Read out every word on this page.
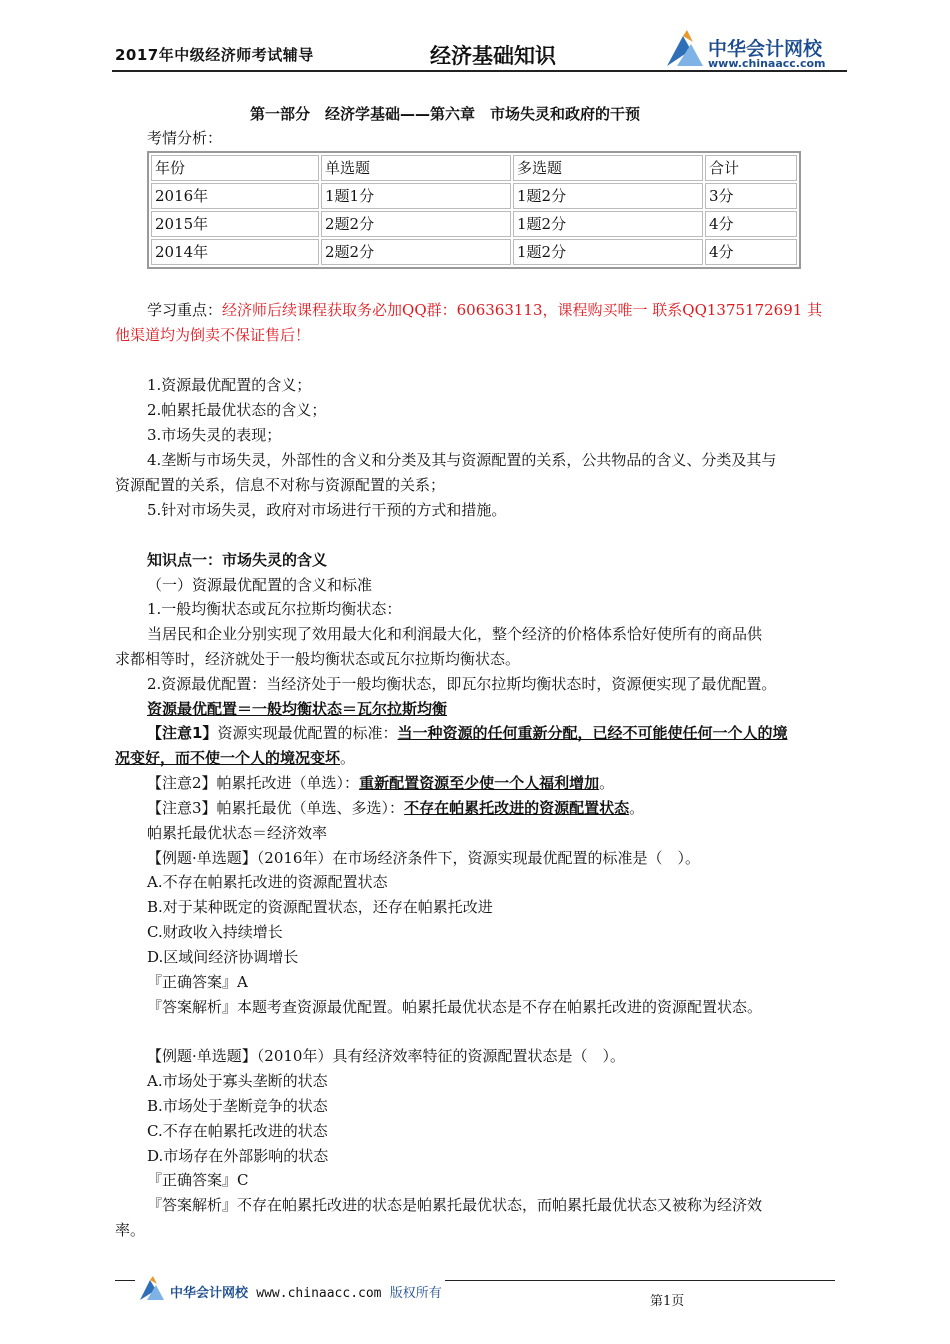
2017年中级经济师考试辅导	经济基础知识	中华会计网校
www.chinaacc.com
第一部分　经济学基础——第六章　市场失灵和政府的干预
考情分析：
年份	单选题	多选题	合计
2016年	1题1分	1题2分	3分
2015年	2题2分	1题2分	4分
2014年	2题2分	1题2分	4分
学习重点：经济师后续课程获取务必加QQ群：606363113，课程购买唯一 联系QQ1375172691 其
他渠道均为倒卖不保证售后！
1.资源最优配置的含义；
2.帕累托最优状态的含义；
3.市场失灵的表现；
4.垄断与市场失灵，外部性的含义和分类及其与资源配置的关系，公共物品的含义、分类及其与
资源配置的关系，信息不对称与资源配置的关系；
5.针对市场失灵，政府对市场进行干预的方式和措施。
知识点一：市场失灵的含义
（一）资源最优配置的含义和标准
1.一般均衡状态或瓦尔拉斯均衡状态：
当居民和企业分别实现了效用最大化和利润最大化，整个经济的价格体系恰好使所有的商品供
求都相等时，经济就处于一般均衡状态或瓦尔拉斯均衡状态。
2.资源最优配置：当经济处于一般均衡状态，即瓦尔拉斯均衡状态时，资源便实现了最优配置。
资源最优配置＝一般均衡状态＝瓦尔拉斯均衡
【注意1】资源实现最优配置的标准：当一种资源的任何重新分配，已经不可能使任何一个人的境
况变好，而不使一个人的境况变坏。
【注意2】帕累托改进（单选）：重新配置资源至少使一个人福利增加。
【注意3】帕累托最优（单选、多选）：不存在帕累托改进的资源配置状态。
帕累托最优状态＝经济效率
【例题·单选题】（2016年）在市场经济条件下，资源实现最优配置的标准是（　）。
A.不存在帕累托改进的资源配置状态
B.对于某种既定的资源配置状态，还存在帕累托改进
C.财政收入持续增长
D.区域间经济协调增长
『正确答案』A
『答案解析』本题考查资源最优配置。帕累托最优状态是不存在帕累托改进的资源配置状态。
【例题·单选题】（2010年）具有经济效率特征的资源配置状态是（　）。
A.市场处于寡头垄断的状态
B.市场处于垄断竞争的状态
C.不存在帕累托改进的状态
D.市场存在外部影响的状态
『正确答案』C
『答案解析』不存在帕累托改进的状态是帕累托最优状态，而帕累托最优状态又被称为经济效
率。
中华会计网校 www.chinaacc.com 版权所有
第1页
